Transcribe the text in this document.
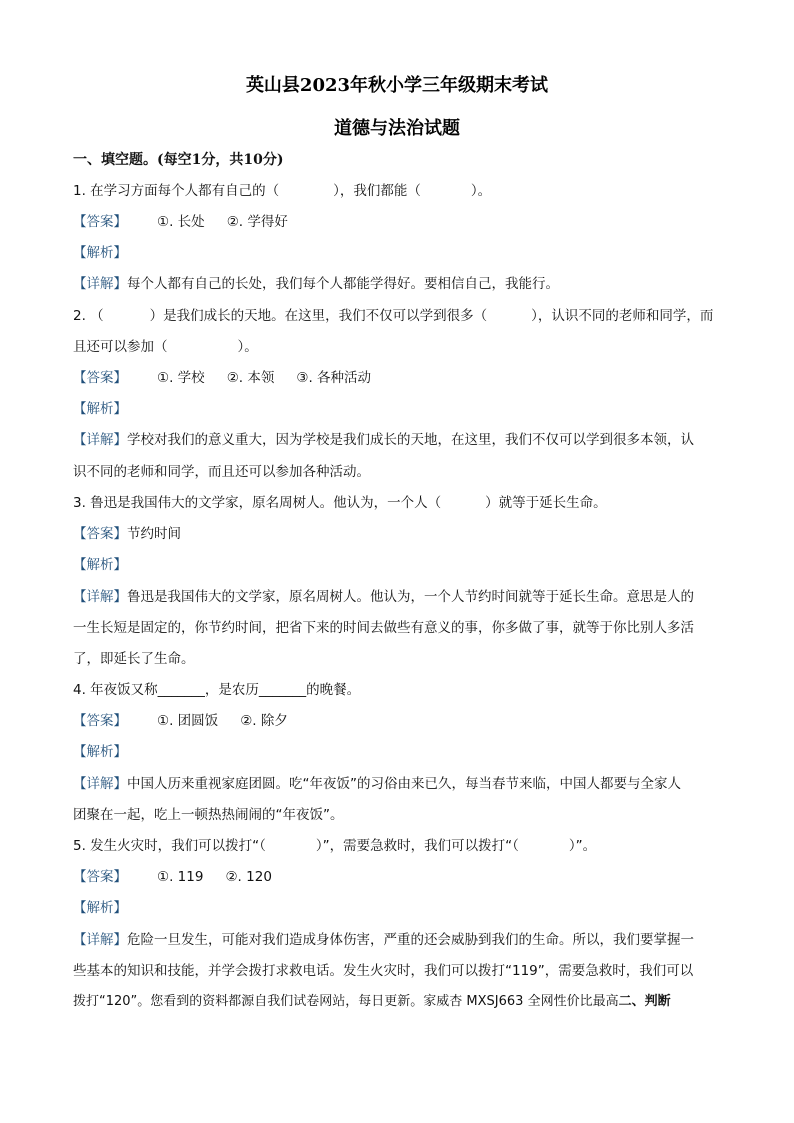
英山县2023年秋小学三年级期末考试
道德与法治试题
一、填空题。(每空1分，共10分)
1. 在学习方面每个人都有自己的（	），我们都能（	）。
【答案】 ①. 长处 ②. 学得好
【解析】
【详解】每个人都有自己的长处，我们每个人都能学得好。要相信自己，我能行。
2. （	）是我们成长的天地。在这里，我们不仅可以学到很多（	），认识不同的老师和同学，而
且还可以参加（	）。
【答案】 ①. 学校 ②. 本领 ③. 各种活动
【解析】
【详解】学校对我们的意义重大，因为学校是我们成长的天地，在这里，我们不仅可以学到很多本领，认
识不同的老师和同学，而且还可以参加各种活动。
3. 鲁迅是我国伟大的文学家，原名周树人。他认为，一个人（	）就等于延长生命。
【答案】节约时间
【解析】
【详解】鲁迅是我国伟大的文学家，原名周树人。他认为，一个人节约时间就等于延长生命。意思是人的
一生长短是固定的，你节约时间，把省下来的时间去做些有意义的事，你多做了事，就等于你比别人多活
了，即延长了生命。
4. 年夜饭又称_______，是农历_______的晚餐。
【答案】 ①. 团圆饭 ②. 除夕
【解析】
【详解】中国人历来重视家庭团圆。吃“年夜饭”的习俗由来已久，每当春节来临，中国人都要与全家人
团聚在一起，吃上一顿热热闹闹的“年夜饭”。
5. 发生火灾时，我们可以拨打“（	）”，需要急救时，我们可以拨打“（	）”。
【答案】 ①. 119 ②. 120
【解析】
【详解】危险一旦发生，可能对我们造成身体伤害，严重的还会威胁到我们的生命。所以，我们要掌握一
些基本的知识和技能，并学会拨打求救电话。发生火灾时，我们可以拨打“119”，需要急救时，我们可以
拨打“120”。您看到的资料都源自我们试卷网站，每日更新。家威杏 MXSJ663 全网性价比最高二、判断
